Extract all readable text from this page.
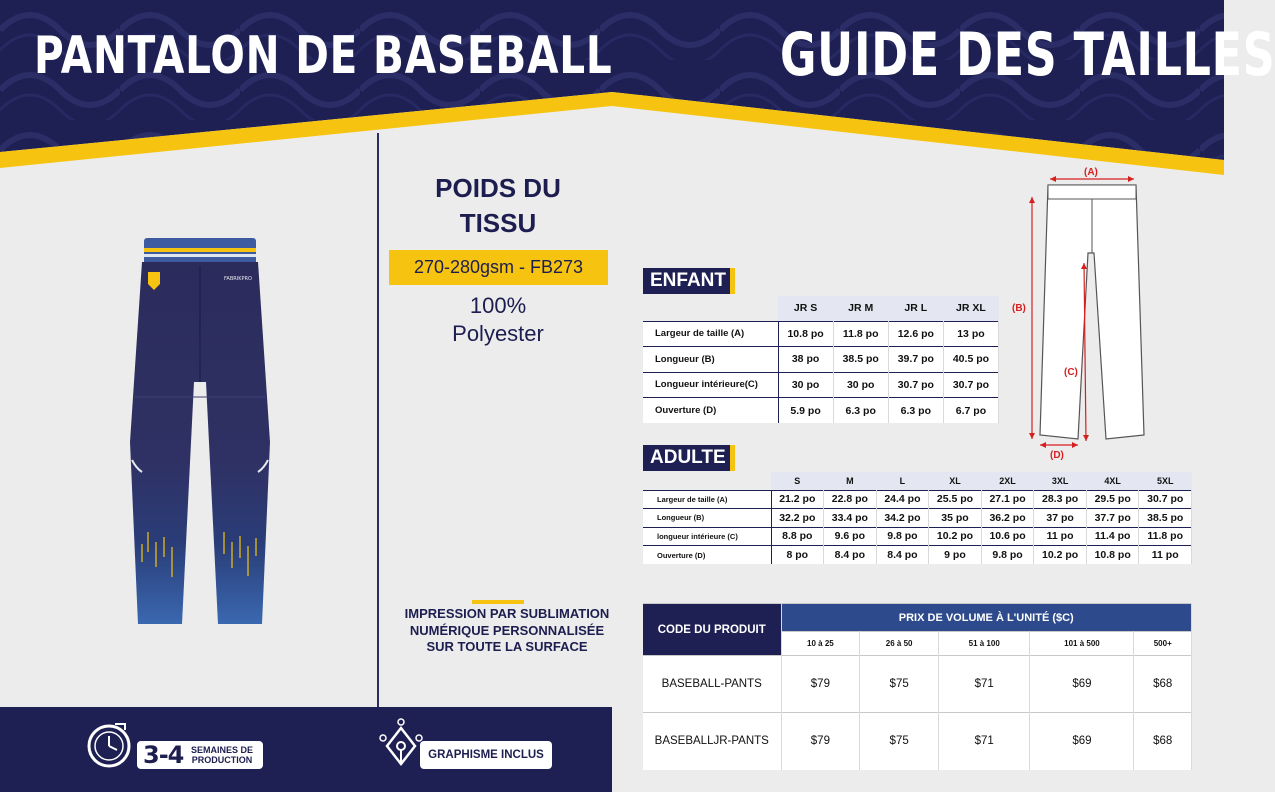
PANTALON DE BASEBALL	GUIDE DES TAILLES
FABRIKPRO
POIDS DU TISSU
270-280gsm - FB273
100%
Polyester
IMPRESSION PAR SUBLIMATION NUMÉRIQUE PERSONNALISÉE SUR TOUTE LA SURFACE
3-4 SEMAINES DE PRODUCTION	GRAPHISME INCLUS
(A)
(B)
(C)
(D)
ENFANT
	JR S	JR M	JR L	JR XL
Largeur de taille (A)	10.8 po	11.8 po	12.6 po	13 po
Longueur (B)	38 po	38.5 po	39.7 po	40.5 po
Longueur intérieure(C)	30 po	30 po	30.7 po	30.7 po
Ouverture (D)	5.9 po	6.3 po	6.3 po	6.7 po
ADULTE
	S	M	L	XL	2XL	3XL	4XL	5XL
Largeur de taille (A)	21.2 po	22.8 po	24.4 po	25.5 po	27.1 po	28.3 po	29.5 po	30.7 po
Longueur (B)	32.2 po	33.4 po	34.2 po	35 po	36.2 po	37 po	37.7 po	38.5 po
longueur intérieure (C)	8.8 po	9.6 po	9.8 po	10.2 po	10.6 po	11 po	11.4 po	11.8 po
Ouverture (D)	8 po	8.4 po	8.4 po	9 po	9.8 po	10.2 po	10.8 po	11 po
CODE DU PRODUIT	PRIX DE VOLUME À L'UNITÉ ($C)				
	10 à 25	26 à 50	51 à 100	101 à 500	500+
BASEBALL-PANTS	$79	$75	$71	$69	$68
BASEBALLJR-PANTS	$79	$75	$71	$69	$68
